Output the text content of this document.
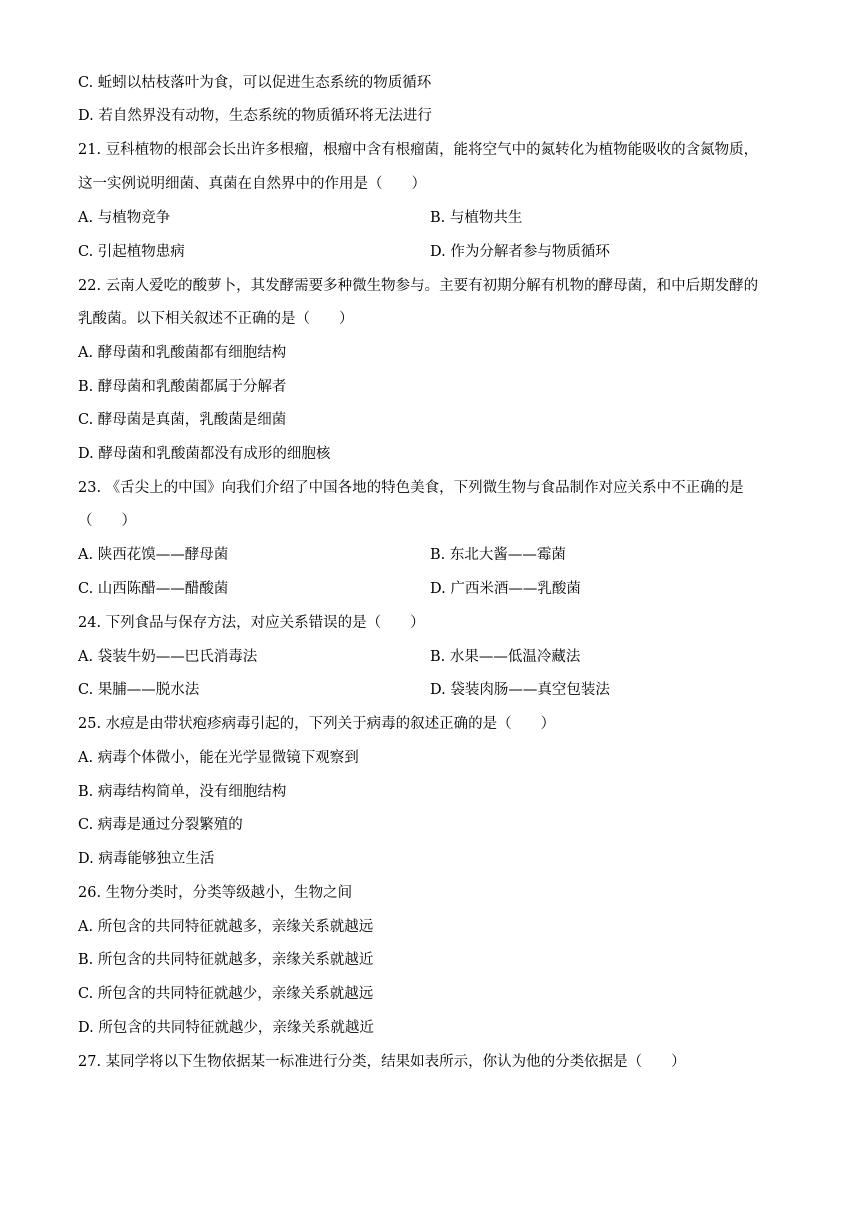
C. 蚯蚓以枯枝落叶为食，可以促进生态系统的物质循环
D. 若自然界没有动物，生态系统的物质循环将无法进行
21. 豆科植物的根部会长出许多根瘤，根瘤中含有根瘤菌，能将空气中的氮转化为植物能吸收的含氮物质，
这一实例说明细菌、真菌在自然界中的作用是（　　）
A. 与植物竞争	B. 与植物共生
C. 引起植物患病	D. 作为分解者参与物质循环
22. 云南人爱吃的酸萝卜，其发酵需要多种微生物参与。主要有初期分解有机物的酵母菌，和中后期发酵的
乳酸菌。以下相关叙述不正确的是（　　）
A. 酵母菌和乳酸菌都有细胞结构
B. 酵母菌和乳酸菌都属于分解者
C. 酵母菌是真菌，乳酸菌是细菌
D. 酵母菌和乳酸菌都没有成形的细胞核
23. 《舌尖上的中国》向我们介绍了中国各地的特色美食，下列微生物与食品制作对应关系中不正确的是
（　　）
A. 陕西花馍——酵母菌	B. 东北大酱——霉菌
C. 山西陈醋——醋酸菌	D. 广西米酒——乳酸菌
24. 下列食品与保存方法，对应关系错误的是（　　）
A. 袋装牛奶——巴氏消毒法	B. 水果——低温冷藏法
C. 果脯——脱水法	D. 袋装肉肠——真空包装法
25. 水痘是由带状疱疹病毒引起的，下列关于病毒的叙述正确的是（　　）
A. 病毒个体微小，能在光学显微镜下观察到
B. 病毒结构简单，没有细胞结构
C. 病毒是通过分裂繁殖的
D. 病毒能够独立生活
26. 生物分类时，分类等级越小，生物之间
A. 所包含的共同特征就越多，亲缘关系就越远
B. 所包含的共同特征就越多，亲缘关系就越近
C. 所包含的共同特征就越少，亲缘关系就越远
D. 所包含的共同特征就越少，亲缘关系就越近
27. 某同学将以下生物依据某一标准进行分类，结果如表所示，你认为他的分类依据是（　　）
